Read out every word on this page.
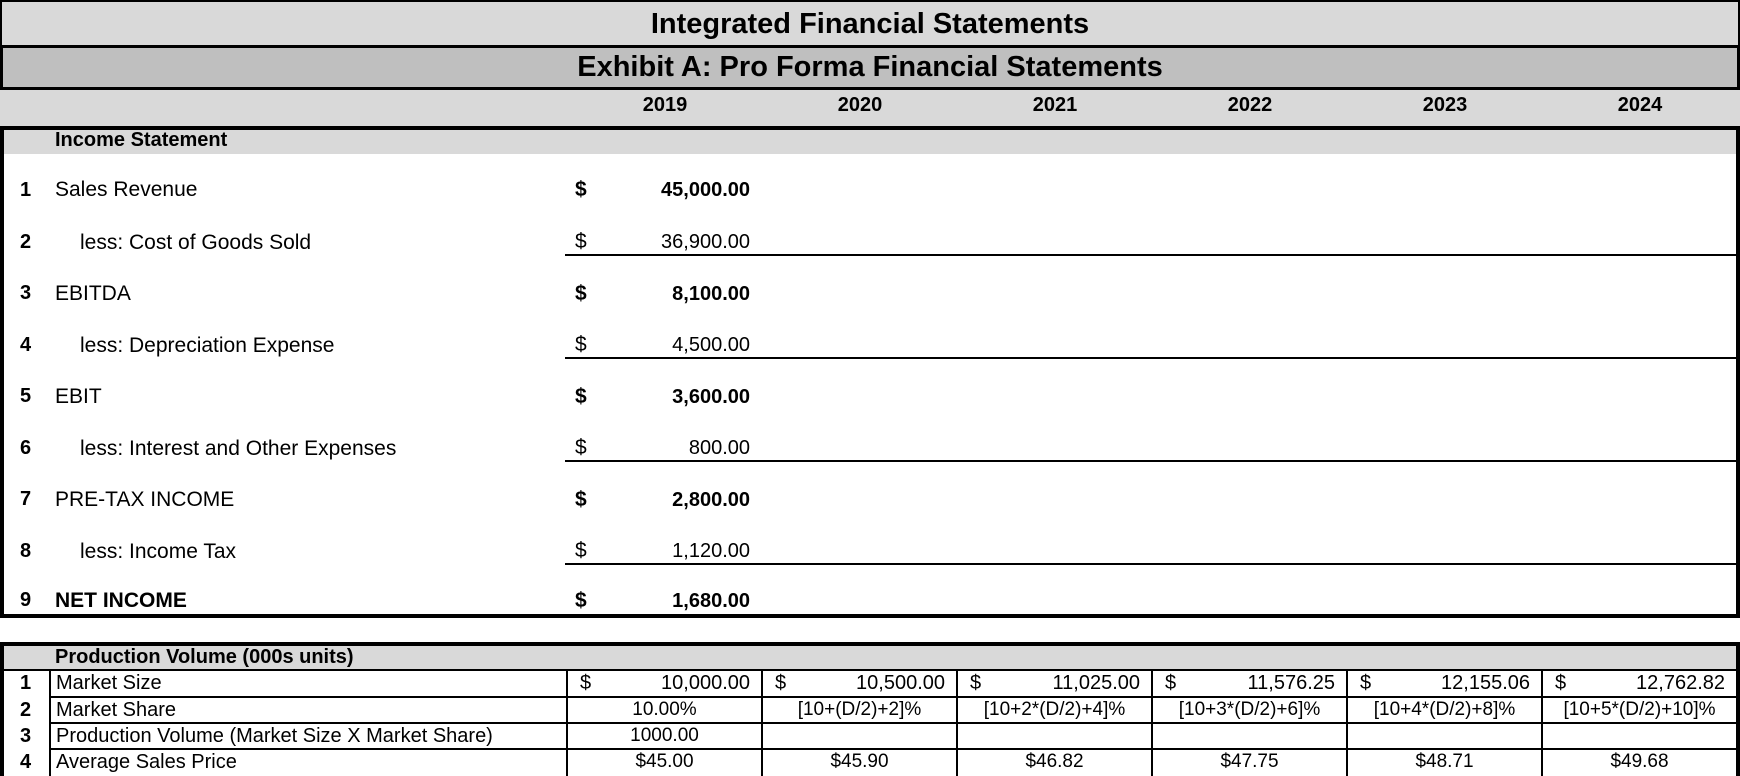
Integrated Financial Statements
Exhibit A: Pro Forma Financial Statements
2019	2020	2021	2022	2023	2024
Income Statement
1 Sales Revenue	$	45,000.00
2 less: Cost of Goods Sold	$	36,900.00
3 EBITDA	$	8,100.00
4 less: Depreciation Expense	$	4,500.00
5 EBIT	$	3,600.00
6 less: Interest and Other Expenses	$	800.00
7 PRE-TAX INCOME	$	2,800.00
8 less: Income Tax	$	1,120.00
9 NET INCOME	$	1,680.00
Production Volume (000s units)
1 Market Size	$	10,000.00 $	10,500.00 $	11,025.00 $	11,576.25 $	12,155.06 $	12,762.82
2 Market Share	10.00%	[10+(D/2)+2]%	[10+2*(D/2)+4]%	[10+3*(D/2)+6]%	[10+4*(D/2)+8]%	[10+5*(D/2)+10]%
3 Production Volume (Market Size X Market Share)	1000.00
4 Average Sales Price	$45.00	$45.90	$46.82	$47.75	$48.71	$49.68
